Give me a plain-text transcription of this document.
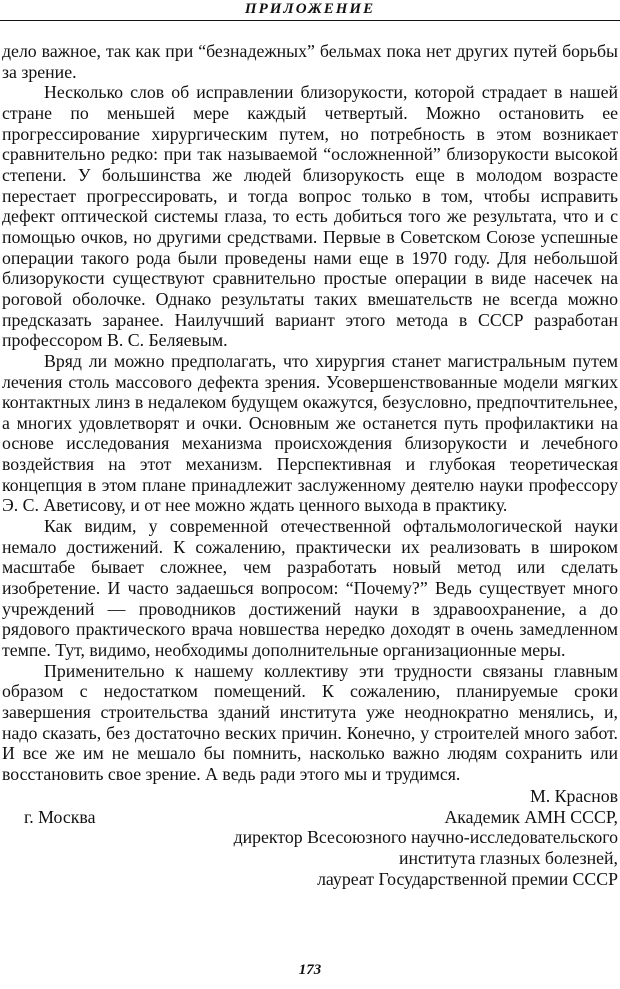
ПРИЛОЖЕНИЕ

дело важное, так как при “безнадежных” бельмах пока нет других путей борьбы за зрение.

Несколько слов об исправлении близорукости, которой страдает в нашей стране по меньшей мере каждый четвертый. Можно остановить ее прогрессирование хирургическим путем, но потребность в этом возникает сравнительно редко: при так называемой “осложненной” близорукости высокой степени. У большинства же людей близорукость еще в молодом возрасте перестает прогрессировать, и тогда вопрос только в том, чтобы исправить дефект оптической системы глаза, то есть добиться того же результата, что и с помощью очков, но другими средствами. Первые в Советском Союзе успешные операции такого рода были проведены нами еще в 1970 году. Для небольшой близорукости существуют сравнительно простые операции в виде насечек на роговой оболочке. Однако результаты таких вмешательств не всегда можно предсказать заранее. Наилучший вариант этого метода в СССР разработан профессором В. С. Беляевым.

Вряд ли можно предполагать, что хирургия станет магистральным путем лечения столь массового дефекта зрения. Усовершенствованные модели мягких контактных линз в недалеком будущем окажутся, безусловно, предпочтительнее, а многих удовлетворят и очки. Основным же останется путь профилактики на основе исследования механизма происхождения близорукости и лечебного воздействия на этот механизм. Перспективная и глубокая теоретическая концепция в этом плане принадлежит заслуженному деятелю науки профессору Э. С. Аветисову, и от нее можно ждать ценного выхода в практику.

Как видим, у современной отечественной офтальмологической науки немало достижений. К сожалению, практически их реализовать в широком масштабе бывает сложнее, чем разработать новый метод или сделать изобретение. И часто задаешься вопросом: “Почему?” Ведь существует много учреждений — проводников достижений науки в здравоохранение, а до рядового практического врача новшества нередко доходят в очень замедленном темпе. Тут, видимо, необходимы дополнительные организационные меры.

Применительно к нашему коллективу эти трудности связаны главным образом с недостатком помещений. К сожалению, планируемые сроки завершения строительства зданий института уже неоднократно менялись, и, надо сказать, без достаточно веских причин. Конечно, у строителей много забот. И все же им не мешало бы помнить, насколько важно людям сохранить или восстановить свое зрение. А ведь ради этого мы и трудимся.

М. Краснов
г. Москва	Академик АМН СССР,
директор Всесоюзного научно-исследовательского
института глазных болезней,
лауреат Государственной премии СССР
173
